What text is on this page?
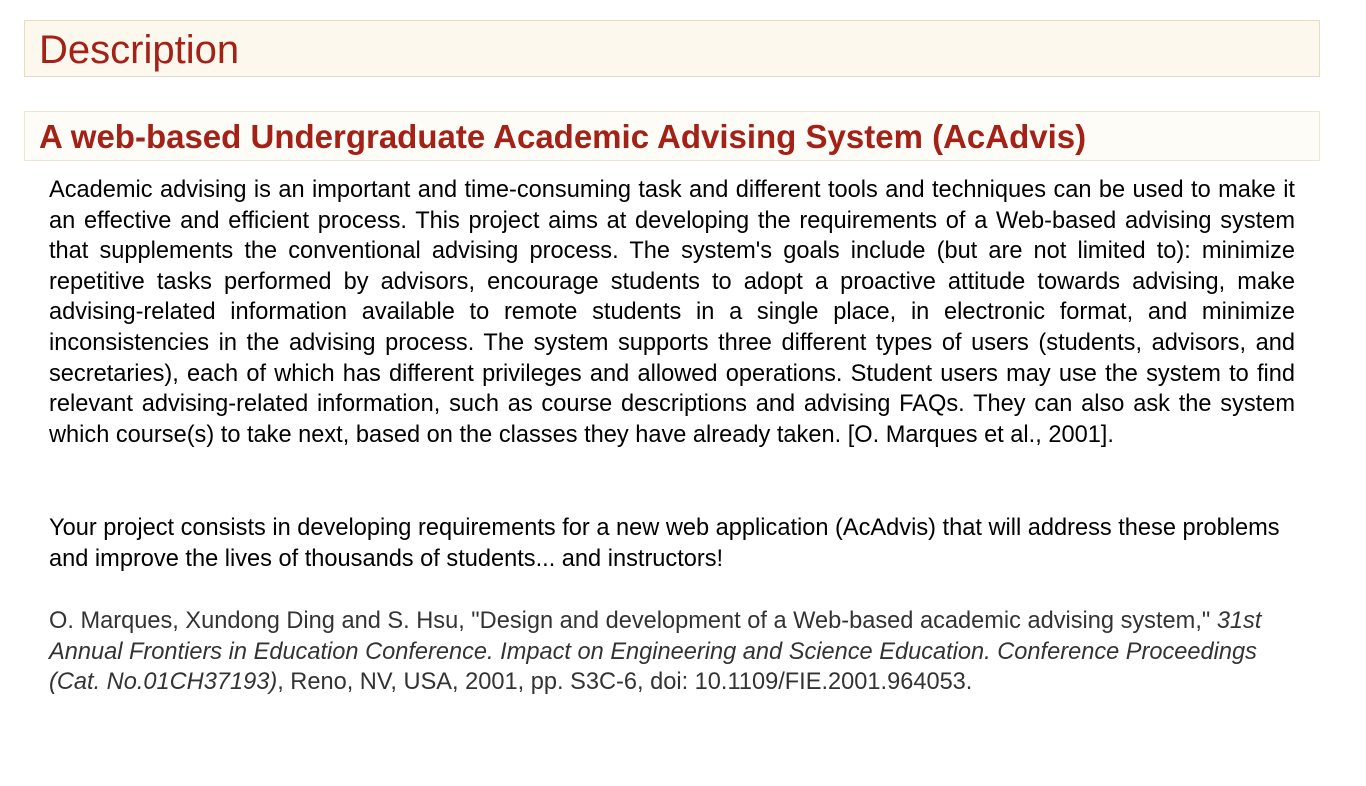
Description
A web-based Undergraduate Academic Advising System (AcAdvis)

Academic advising is an important and time-consuming task and different tools and techniques can be used to make it an effective and efficient process. This project aims at developing the requirements of a Web-based advising system that supplements the conventional advising process. The system's goals include (but are not limited to): minimize repetitive tasks performed by advisors, encourage students to adopt a proactive attitude towards advising, make advising-related information available to remote students in a single place, in electronic format, and minimize inconsistencies in the advising process. The system supports three different types of users (students, advisors, and secretaries), each of which has different privileges and allowed operations. Student users may use the system to find relevant advising-related information, such as course descriptions and advising FAQs. They can also ask the system which course(s) to take next, based on the classes they have already taken. [O. Marques et al., 2001].

Your project consists in developing requirements for a new web application (AcAdvis) that will address these problems and improve the lives of thousands of students... and instructors!

O. Marques, Xundong Ding and S. Hsu, "Design and development of a Web-based academic advising system," 31st Annual Frontiers in Education Conference. Impact on Engineering and Science Education. Conference Proceedings (Cat. No.01CH37193), Reno, NV, USA, 2001, pp. S3C-6, doi: 10.1109/FIE.2001.964053.
